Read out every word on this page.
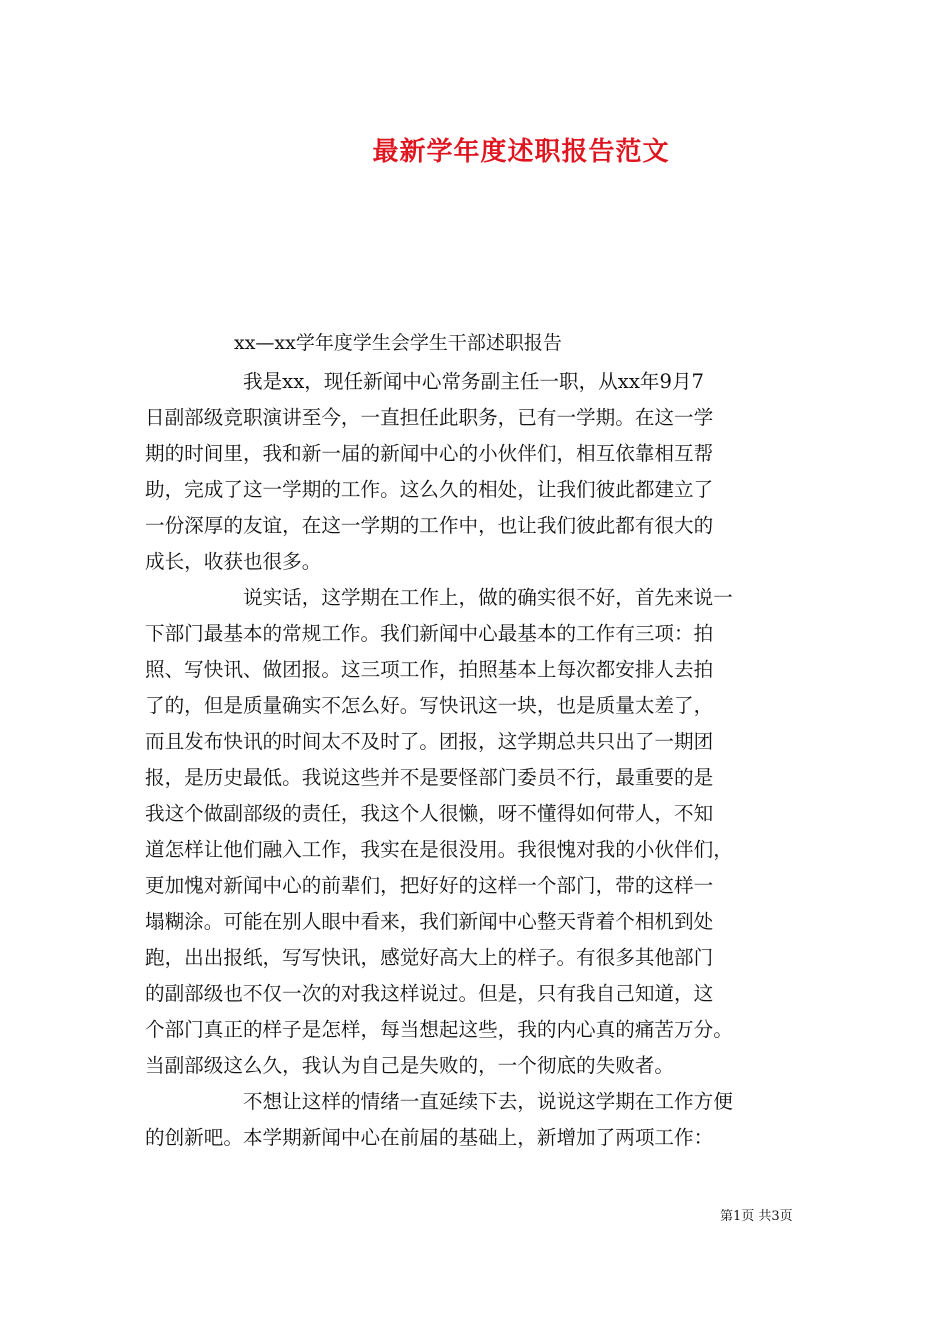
最新学年度述职报告范文
xx—xx学年度学生会学生干部述职报告
我是xx，现任新闻中心常务副主任一职，从xx年9月7
日副部级竞职演讲至今，一直担任此职务，已有一学期。在这一学
期的时间里，我和新一届的新闻中心的小伙伴们，相互依靠相互帮
助，完成了这一学期的工作。这么久的相处，让我们彼此都建立了
一份深厚的友谊，在这一学期的工作中，也让我们彼此都有很大的
成长，收获也很多。
说实话，这学期在工作上，做的确实很不好，首先来说一
下部门最基本的常规工作。我们新闻中心最基本的工作有三项：拍
照、写快讯、做团报。这三项工作，拍照基本上每次都安排人去拍
了的，但是质量确实不怎么好。写快讯这一块，也是质量太差了，
而且发布快讯的时间太不及时了。团报，这学期总共只出了一期团
报，是历史最低。我说这些并不是要怪部门委员不行，最重要的是
我这个做副部级的责任，我这个人很懒，呀不懂得如何带人，不知
道怎样让他们融入工作，我实在是很没用。我很愧对我的小伙伴们，
更加愧对新闻中心的前辈们，把好好的这样一个部门，带的这样一
塌糊涂。可能在别人眼中看来，我们新闻中心整天背着个相机到处
跑，出出报纸，写写快讯，感觉好高大上的样子。有很多其他部门
的副部级也不仅一次的对我这样说过。但是，只有我自己知道，这
个部门真正的样子是怎样，每当想起这些，我的内心真的痛苦万分。
当副部级这么久，我认为自己是失败的，一个彻底的失败者。
不想让这样的情绪一直延续下去，说说这学期在工作方便
的创新吧。本学期新闻中心在前届的基础上，新增加了两项工作：
第1页 共3页
